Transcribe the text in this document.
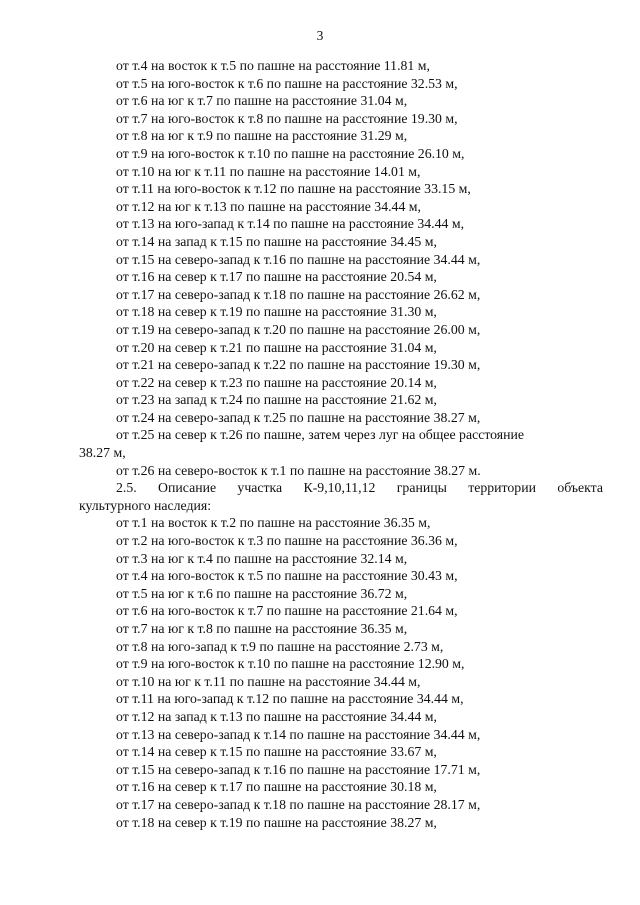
3
от т.4 на восток к т.5 по пашне на расстояние 11.81 м,
от т.5 на юго-восток к т.6 по пашне на расстояние 32.53 м,
от т.6 на юг к т.7 по пашне на расстояние 31.04 м,
от т.7 на юго-восток к т.8 по пашне на расстояние 19.30 м,
от т.8 на юг к т.9 по пашне на расстояние 31.29 м,
от т.9 на юго-восток к т.10 по пашне на расстояние 26.10 м,
от т.10 на юг к т.11 по пашне на расстояние 14.01 м,
от т.11 на юго-восток к т.12 по пашне на расстояние 33.15 м,
от т.12 на юг к т.13 по пашне на расстояние 34.44 м,
от т.13 на юго-запад к т.14 по пашне на расстояние 34.44 м,
от т.14 на запад к т.15 по пашне на расстояние 34.45 м,
от т.15 на северо-запад к т.16 по пашне на расстояние 34.44 м,
от т.16 на север к т.17 по пашне на расстояние 20.54 м,
от т.17 на северо-запад к т.18 по пашне на расстояние 26.62 м,
от т.18 на север к т.19 по пашне на расстояние 31.30 м,
от т.19 на северо-запад к т.20 по пашне на расстояние 26.00 м,
от т.20 на север к т.21 по пашне на расстояние 31.04 м,
от т.21 на северо-запад к т.22 по пашне на расстояние 19.30 м,
от т.22 на север к т.23 по пашне на расстояние 20.14 м,
от т.23 на запад к т.24 по пашне на расстояние 21.62 м,
от т.24 на северо-запад к т.25 по пашне на расстояние 38.27 м,
от т.25 на север к т.26 по пашне, затем через луг на общее расстояние
38.27 м,
от т.26 на северо-восток к т.1 по пашне на расстояние 38.27 м.
2.5. Описание участка К-9,10,11,12 границы территории объекта
культурного наследия:
от т.1 на восток к т.2 по пашне на расстояние 36.35 м,
от т.2 на юго-восток к т.3 по пашне на расстояние 36.36 м,
от т.3 на юг к т.4 по пашне на расстояние 32.14 м,
от т.4 на юго-восток к т.5 по пашне на расстояние 30.43 м,
от т.5 на юг к т.6 по пашне на расстояние 36.72 м,
от т.6 на юго-восток к т.7 по пашне на расстояние 21.64 м,
от т.7 на юг к т.8 по пашне на расстояние 36.35 м,
от т.8 на юго-запад к т.9 по пашне на расстояние 2.73 м,
от т.9 на юго-восток к т.10 по пашне на расстояние 12.90 м,
от т.10 на юг к т.11 по пашне на расстояние 34.44 м,
от т.11 на юго-запад к т.12 по пашне на расстояние 34.44 м,
от т.12 на запад к т.13 по пашне на расстояние 34.44 м,
от т.13 на северо-запад к т.14 по пашне на расстояние 34.44 м,
от т.14 на север к т.15 по пашне на расстояние 33.67 м,
от т.15 на северо-запад к т.16 по пашне на расстояние 17.71 м,
от т.16 на север к т.17 по пашне на расстояние 30.18 м,
от т.17 на северо-запад к т.18 по пашне на расстояние 28.17 м,
от т.18 на север к т.19 по пашне на расстояние 38.27 м,
